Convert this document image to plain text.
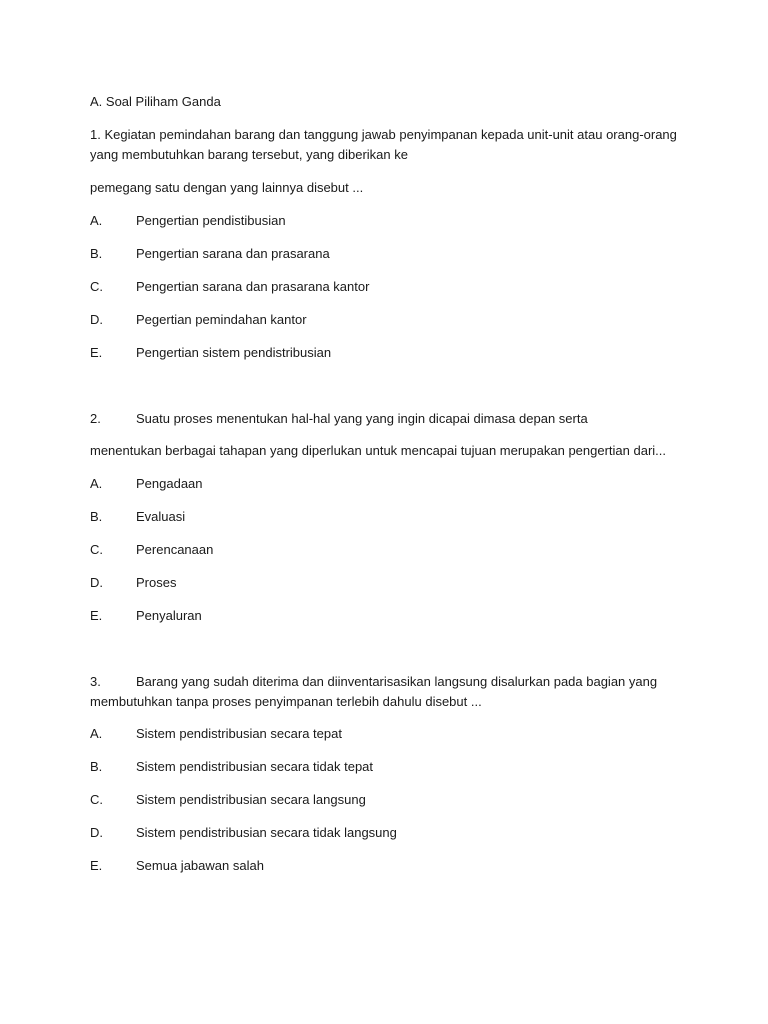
A. Soal Piliham Ganda
1. Kegiatan pemindahan barang dan tanggung jawab penyimpanan kepada unit-unit atau orang-orang
yang membutuhkan barang tersebut, yang diberikan ke
pemegang satu dengan yang lainnya disebut ...
A.	Pengertian pendistibusian
B.	Pengertian sarana dan prasarana
C.	Pengertian sarana dan prasarana kantor
D.	Pegertian pemindahan kantor
E.	Pengertian sistem pendistribusian
2.	Suatu proses menentukan hal-hal yang yang ingin dicapai dimasa depan serta
menentukan berbagai tahapan yang diperlukan untuk mencapai tujuan merupakan pengertian dari...
A.	Pengadaan
B.	Evaluasi
C.	Perencanaan
D.	Proses
E.	Penyaluran
3.	Barang yang sudah diterima dan diinventarisasikan langsung disalurkan pada bagian yang
membutuhkan tanpa proses penyimpanan terlebih dahulu disebut ...
A.	Sistem pendistribusian secara tepat
B.	Sistem pendistribusian secara tidak tepat
C.	Sistem pendistribusian secara langsung
D.	Sistem pendistribusian secara tidak langsung
E.	Semua jabawan salah
